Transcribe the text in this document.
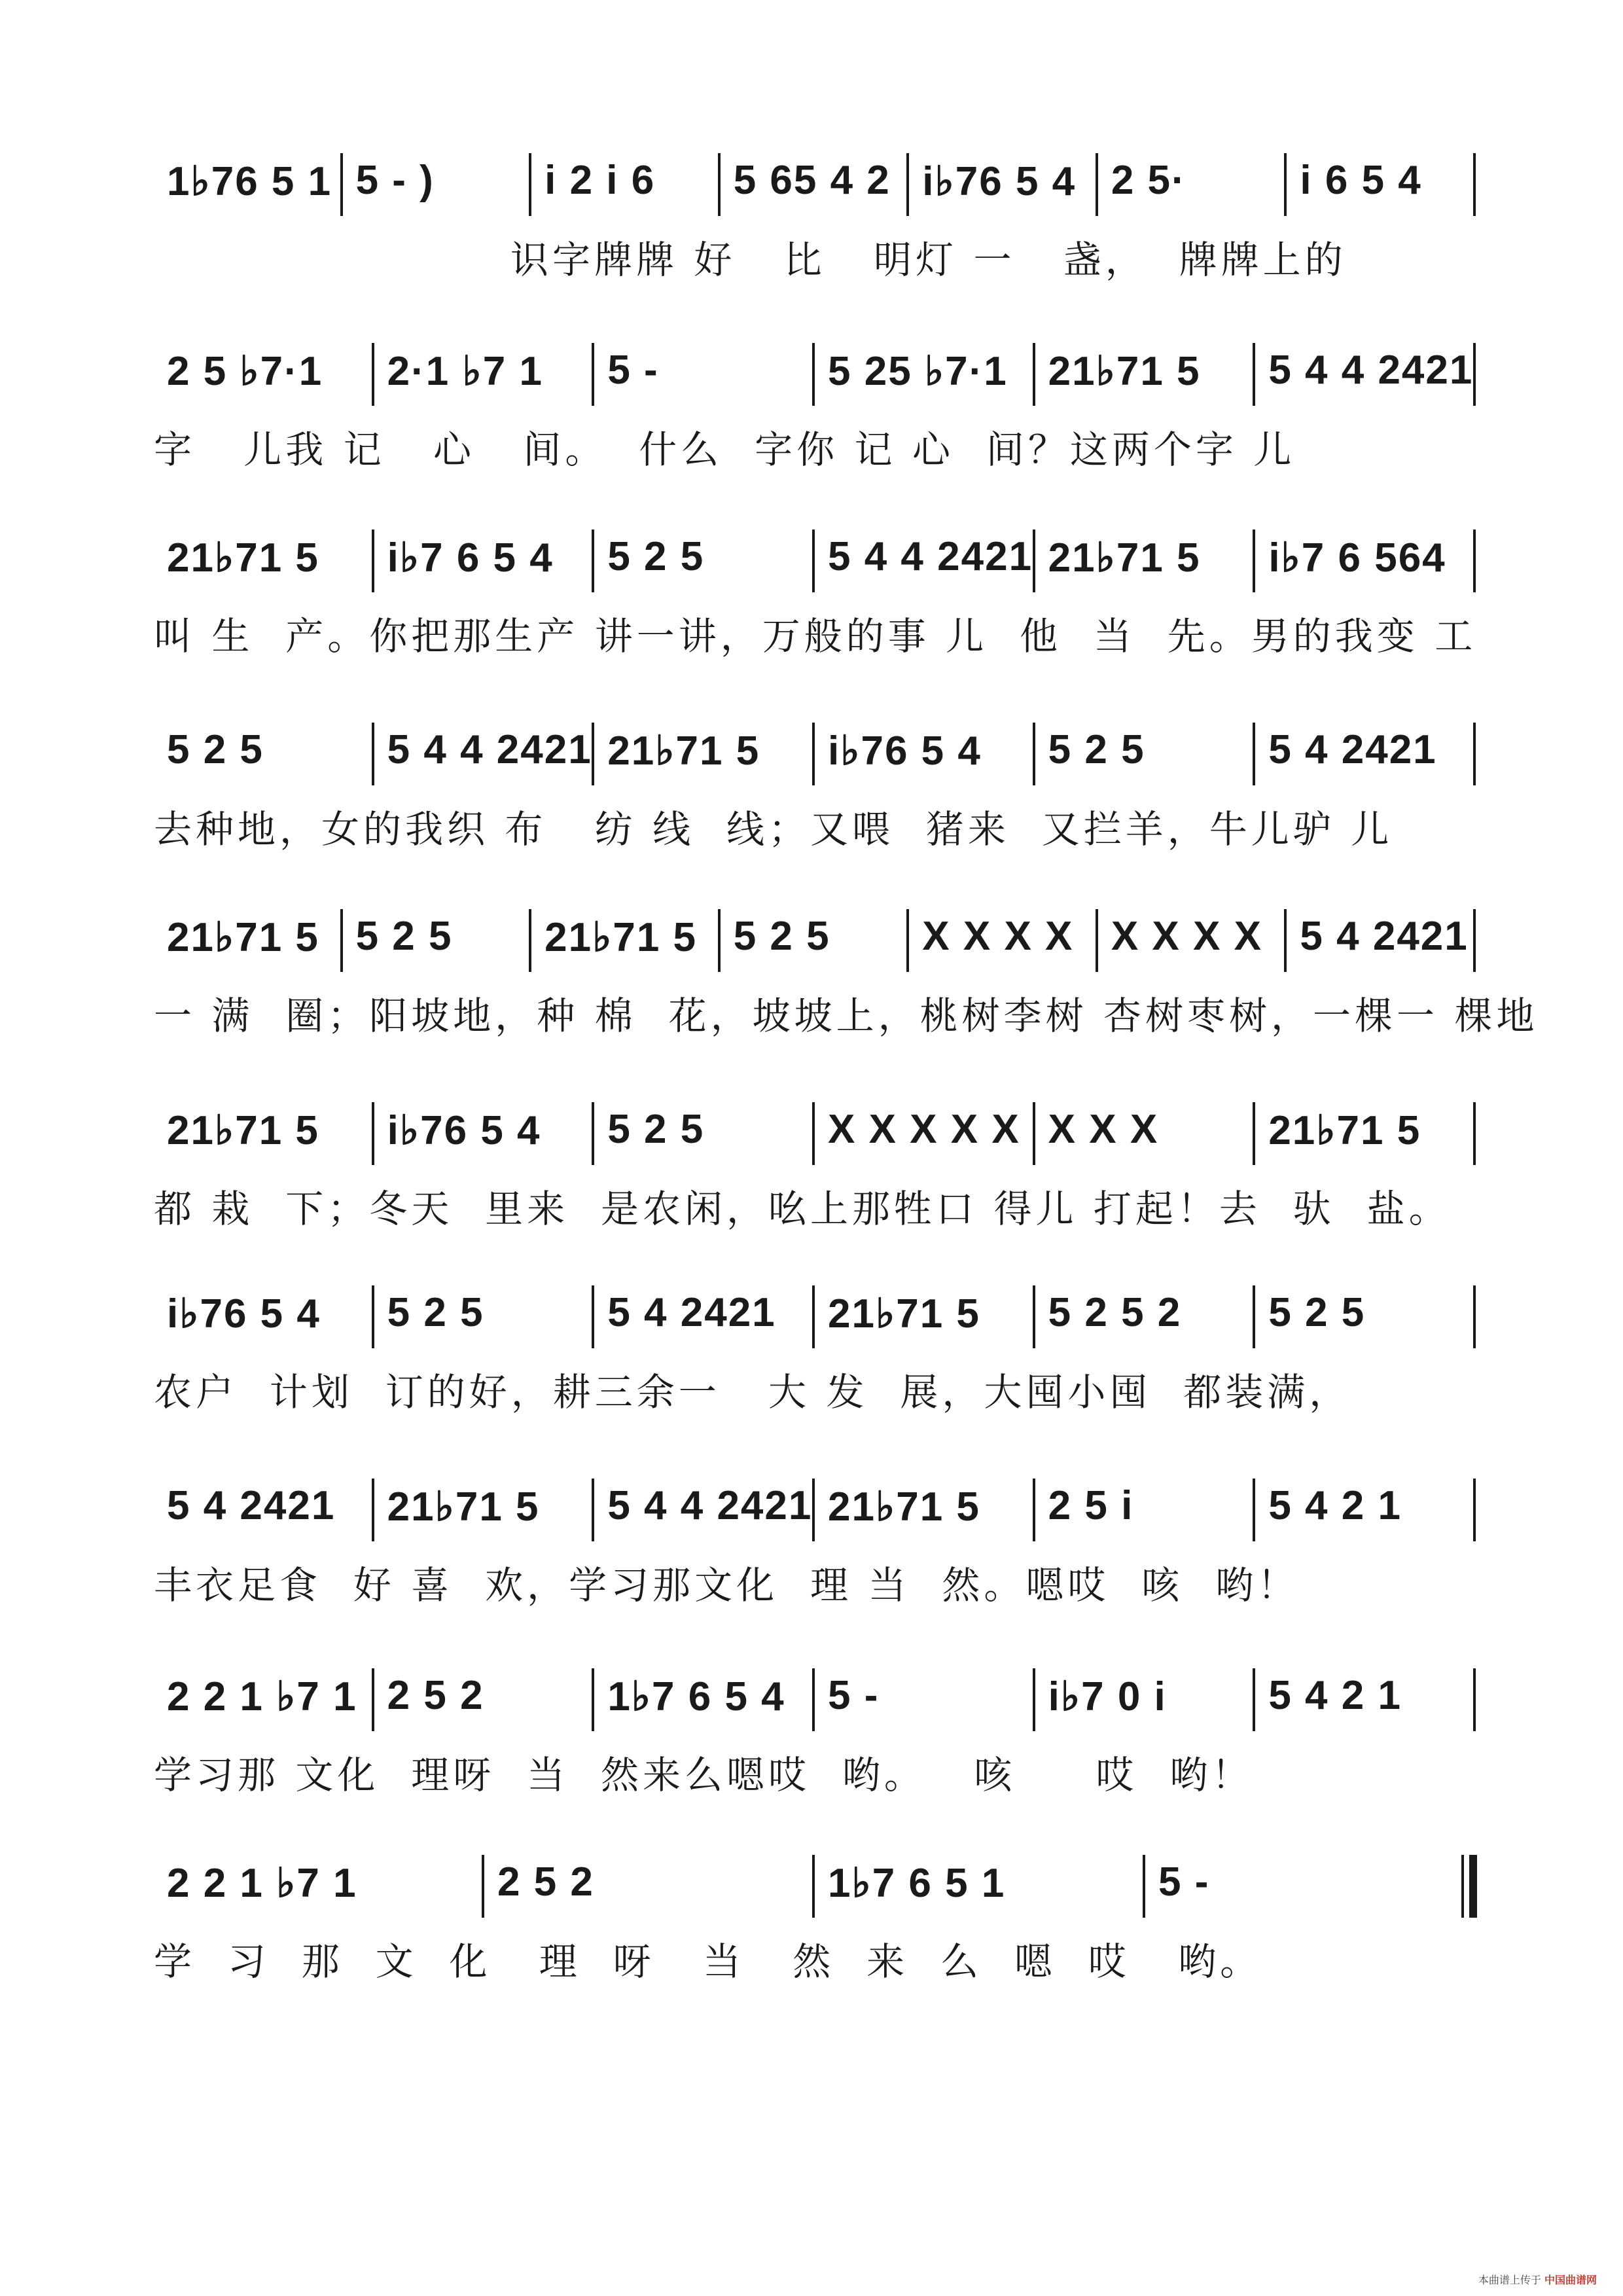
1♭76 5 1 5 - )	i 2 i 6 5 65 4 2 i♭76 5 4 2 5·	i 6 5 4
识字牌牌 好   比   明灯 一   盏，  牌牌上的
2 5 ♭7·1 2·1 ♭7 1 5 -	5 25 ♭7·1 21♭71 5 5 4 4 2421
字   儿我 记   心   间。  什么  字你 记 心  间？这两个字 儿
21♭71 5 i♭7 6 5 4 5 2 5	5 4 4 2421 21♭71 5 i♭7 6 564
叫 生  产。你把那生产 讲一讲，万般的事 儿  他  当  先。男的我变 工
5 2 5	5 4 4 2421 21♭71 5 i♭76 5 4 5 2 5	5 4 2421
去种地，女的我织 布   纺 线  线；又喂  猪来  又拦羊，牛儿驴 儿
21♭71 5 5 2 5 21♭71 5 5 2 5 X X X X X X X X 5 4 2421
一 满  圈；阳坡地，种 棉  花，坡坡上，桃树李树 杏树枣树，一棵一 棵地
21♭71 5 i♭76 5 4 5 2 5	X X X X X X X X	21♭71 5
都 栽  下；冬天  里来  是农闲，吆上那牲口 得儿 打起！去  驮  盐。
i♭76 5 4 5 2 5	5 4 2421 21♭71 5 5 2 5 2 5 2 5
农户  计划  订的好，耕三余一   大 发  展，大囤小囤  都装满，
5 4 2421 21♭71 5 5 4 4 2421 21♭71 5 2 5 i	5 4 2 1
丰衣足食  好 喜  欢，学习那文化  理 当  然。嗯哎  咳  哟！
2 2 1 ♭7 1 2 5 2	1♭7 6 5 4 5 -	i♭7 0 i	5 4 2 1
学习那 文化  理呀  当  然来么嗯哎  哟。   咳     哎  哟！
2 2 1 ♭7 1	2 5 2	1♭7 6 5 1	5 -
学  习  那  文  化   理  呀   当   然  来  么  嗯  哎   哟。
本曲谱上传于 中国曲谱网
